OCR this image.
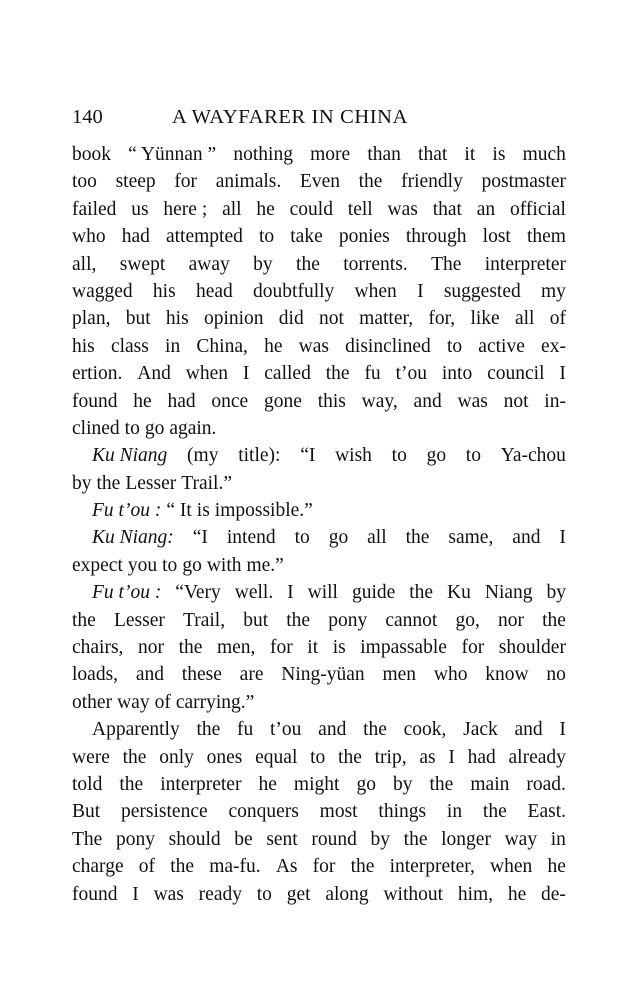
140	A WAYFARER IN CHINA
book “ Yünnan ” nothing more than that it is much
too steep for animals. Even the friendly postmaster
failed us here ; all he could tell was that an official
who had attempted to take ponies through lost them
all, swept away by the torrents. The interpreter
wagged his head doubtfully when I suggested my
plan, but his opinion did not matter, for, like all of
his class in China, he was disinclined to active ex-
ertion. And when I called the fu t’ou into council I
found he had once gone this way, and was not in-
clined to go again.
Ku Niang (my title): “I wish to go to Ya-chou
by the Lesser Trail.”
Fu t’ou : “ It is impossible.”
Ku Niang: “I intend to go all the same, and I
expect you to go with me.”
Fu t’ou : “Very well. I will guide the Ku Niang by
the Lesser Trail, but the pony cannot go, nor the
chairs, nor the men, for it is impassable for shoulder
loads, and these are Ning-yüan men who know no
other way of carrying.”
Apparently the fu t’ou and the cook, Jack and I
were the only ones equal to the trip, as I had already
told the interpreter he might go by the main road.
But persistence conquers most things in the East.
The pony should be sent round by the longer way in
charge of the ma-fu. As for the interpreter, when he
found I was ready to get along without him, he de-
